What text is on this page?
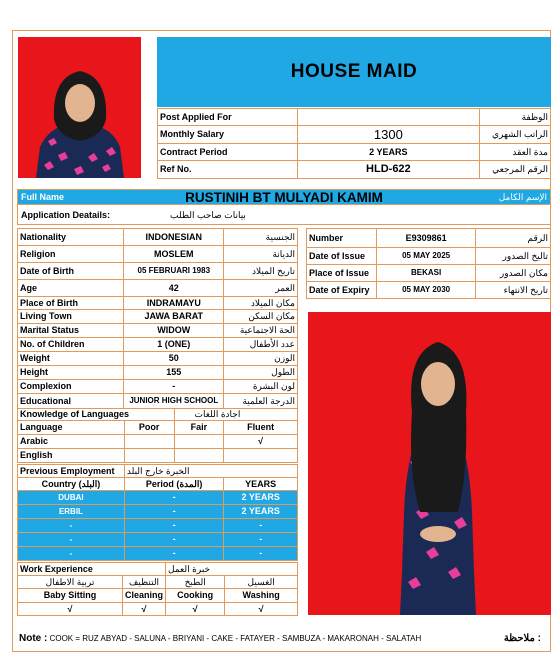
HOUSE MAID
Post Applied For		الوظفة
Monthly Salary	1300	الراتب الشهري
Contract Period	2 YEARS	مدة العقد
Ref No.	HLD-622	الرقم المرجعي
Full Name	RUSTINIH BT MULYADI KAMIM	الإسم الكامل
Application Deatails:	بيانات صاحب الطلب
Nationality	INDONESIAN	الجنسية
Religion	MOSLEM	الديانة
Date of Birth	05 FEBRUARI 1983	تاريخ الميلاد
Age	42	العمر
Place of Birth	INDRAMAYU	مكان الميلاد
Living Town	JAWA BARAT	مكان السكن
Marital Status	WIDOW	الحة الاجتماعية
No. of Children	1 (ONE)	عدد الأطفال
Weight	50	الوزن
Height	155	الطول
Complexion	-	لون البشرة
Educational	JUNIOR HIGH SCHOOL	الدرجة العلمية
Number	E9309861	الرقم
Date of Issue	05 MAY 2025	تاليخ الصدور
Place of Issue	BEKASI	مكان الصدور
Date of Expiry	05 MAY 2030	تاريخ الانتهاء
Knowledge of Languages		اجادة اللغات	
Language	Poor	Fair	Fluent
Arabic			√
English			
Previous Employment	الخبرة خارج البلد	
Country (البلد)	Period (المدة)	YEARS
DUBAI	-	2 YEARS
ERBIL	-	2 YEARS
-	-	-
-	-	-
-	-	-
Work Experience		خبرة العمل	
تربية الاطفال	التنظيف	الطبخ	الغسيل
Baby Sitting	Cleaning	Cooking	Washing
√	√	√	√
Note : COOK = RUZ ABYAD - SALUNA - BRIYANI - CAKE - FATAYER - SAMBUZA - MAKARONAH - SALATAH	ملاحظة :
